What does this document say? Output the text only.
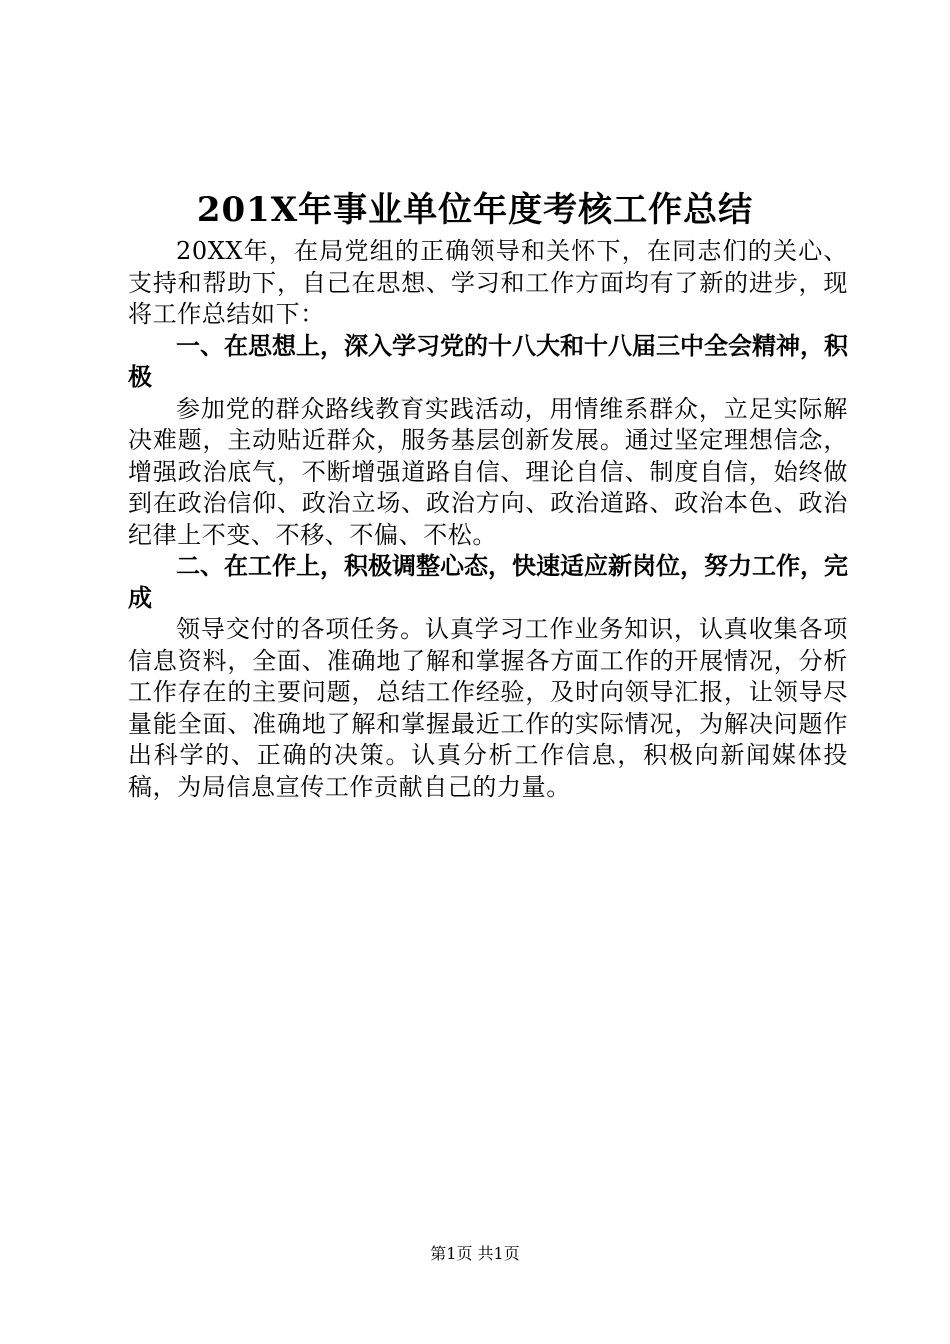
201X年事业单位年度考核工作总结

20XX年，在局党组的正确领导和关怀下，在同志们的关心、支持和帮助下，自己在思想、学习和工作方面均有了新的进步，现将工作总结如下：

一、在思想上，深入学习党的十八大和十八届三中全会精神，积极

参加党的群众路线教育实践活动，用情维系群众，立足实际解决难题，主动贴近群众，服务基层创新发展。通过坚定理想信念，增强政治底气，不断增强道路自信、理论自信、制度自信，始终做到在政治信仰、政治立场、政治方向、政治道路、政治本色、政治纪律上不变、不移、不偏、不松。

二、在工作上，积极调整心态，快速适应新岗位，努力工作，完成

领导交付的各项任务。认真学习工作业务知识，认真收集各项信息资料，全面、准确地了解和掌握各方面工作的开展情况，分析工作存在的主要问题，总结工作经验，及时向领导汇报，让领导尽量能全面、准确地了解和掌握最近工作的实际情况，为解决问题作出科学的、正确的决策。认真分析工作信息，积极向新闻媒体投稿，为局信息宣传工作贡献自己的力量。

第1页 共1页
